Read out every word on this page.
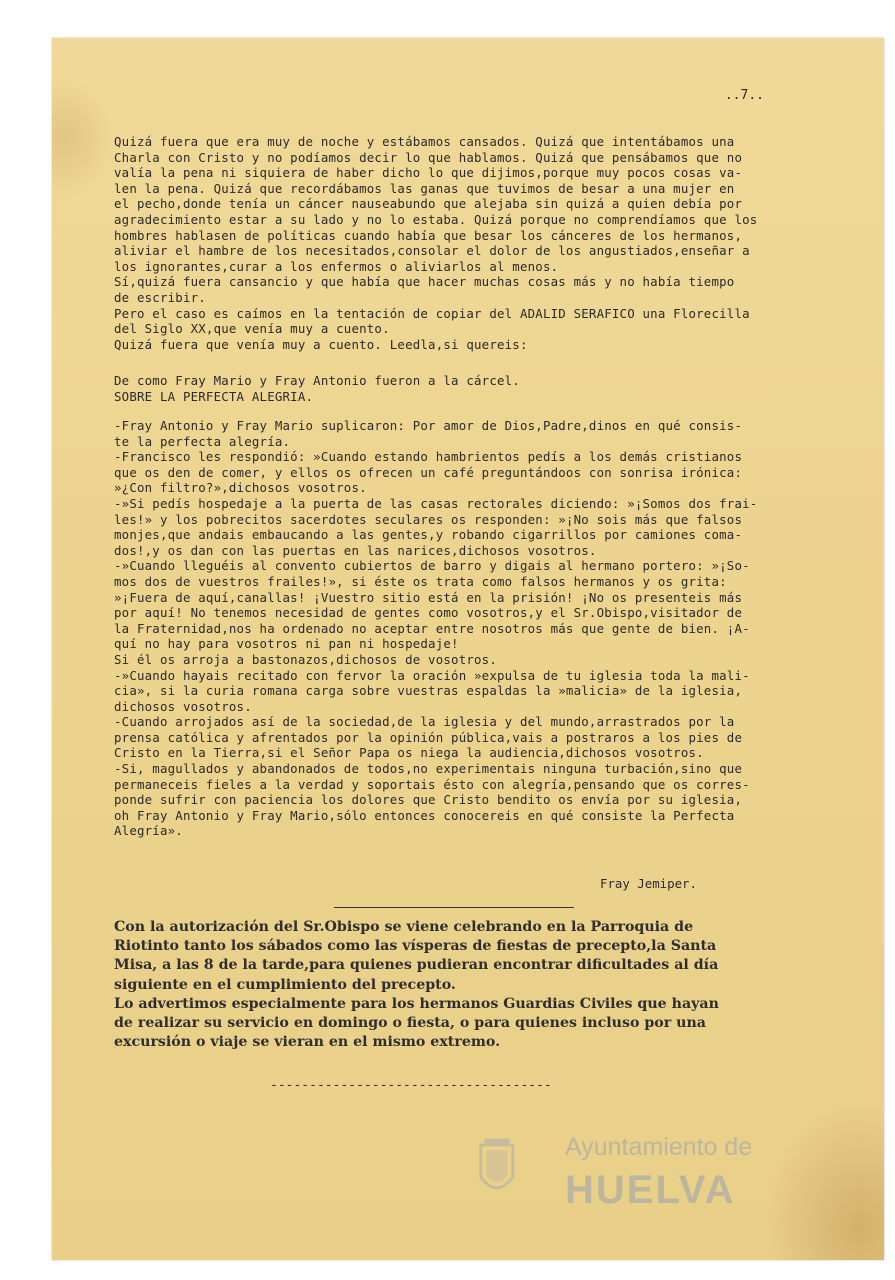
..7..

Quizá fuera que era muy de noche y estábamos cansados. Quizá que intentábamos una

Charla con Cristo y no podíamos decir lo que hablamos. Quizá que pensábamos que no

valía la pena ni siquiera de haber dicho lo que dijimos,porque muy pocos cosas va-

len la pena. Quizá que recordábamos las ganas que tuvimos de besar a una mujer en

el pecho,donde tenía un cáncer nauseabundo que alejaba sin quizá a quien debía por

agradecimiento estar a su lado y no lo estaba. Quizá porque no comprendíamos que los

hombres hablasen de políticas cuando había que besar los cánceres de los hermanos,

aliviar el hambre de los necesitados,consolar el dolor de los angustiados,enseñar a

los ignorantes,curar a los enfermos o aliviarlos al menos.

Sí,quizá fuera cansancio y que había que hacer muchas cosas más y no había tiempo

de escribir.

Pero el caso es caímos en la tentación de copiar del ADALID SERAFICO una Florecilla

del Siglo XX,que venía muy a cuento.

Quizá fuera que venía muy a cuento. Leedla,si quereis:

De como Fray Mario y Fray Antonio fueron a la cárcel.

SOBRE LA PERFECTA ALEGRIA.

-Fray Antonio y Fray Mario suplicaron: Por amor de Dios,Padre,dinos en qué consis-

te la perfecta alegría.

-Francisco les respondió: »Cuando estando hambrientos pedís a los demás cristianos

que os den de comer, y ellos os ofrecen un café preguntándoos con sonrisa irónica:

»¿Con filtro?»,dichosos vosotros.

-»Si pedís hospedaje a la puerta de las casas rectorales diciendo: »¡Somos dos frai-

les!» y los pobrecitos sacerdotes seculares os responden: »¡No sois más que falsos

monjes,que andais embaucando a las gentes,y robando cigarrillos por camiones coma-

dos!,y os dan con las puertas en las narices,dichosos vosotros.

-»Cuando lleguéis al convento cubiertos de barro y digais al hermano portero: »¡So-

mos dos de vuestros frailes!», si éste os trata como falsos hermanos y os grita:

»¡Fuera de aquí,canallas! ¡Vuestro sitio está en la prisión! ¡No os presenteis más

por aquí! No tenemos necesidad de gentes como vosotros,y el Sr.Obispo,visitador de

la Fraternidad,nos ha ordenado no aceptar entre nosotros más que gente de bien. ¡A-

quí no hay para vosotros ni pan ni hospedaje!

Si él os arroja a bastonazos,dichosos de vosotros.

-»Cuando hayais recitado con fervor la oración »expulsa de tu iglesia toda la mali-

cia», si la curia romana carga sobre vuestras espaldas la »malicia» de la iglesia,

dichosos vosotros.

-Cuando arrojados así de la sociedad,de la iglesia y del mundo,arrastrados por la

prensa católica y afrentados por la opinión pública,vais a postraros a los pies de

Cristo en la Tierra,si el Señor Papa os niega la audiencia,dichosos vosotros.

-Si, magullados y abandonados de todos,no experimentais ninguna turbación,sino que

permaneceis fieles a la verdad y soportais ésto con alegría,pensando que os corres-

ponde sufrir con paciencia los dolores que Cristo bendito os envía por su iglesia,

oh Fray Antonio y Fray Mario,sólo entonces conocereis en qué consiste la Perfecta

Alegría».

Fray Jemiper.

Con la autorización del Sr.Obispo se viene celebrando en la Parroquia de

Riotinto tanto los sábados como las vísperas de fiestas de precepto,la Santa

Misa, a las 8 de la tarde,para quienes pudieran encontrar dificultades al día

siguiente en el cumplimiento del precepto.

Lo advertimos especialmente para los hermanos Guardias Civiles que hayan

de realizar su servicio en domingo o fiesta, o para quienes incluso por una

excursión o viaje se vieran en el mismo extremo.

------------------------------------
Ayuntamiento de
HUELVA
